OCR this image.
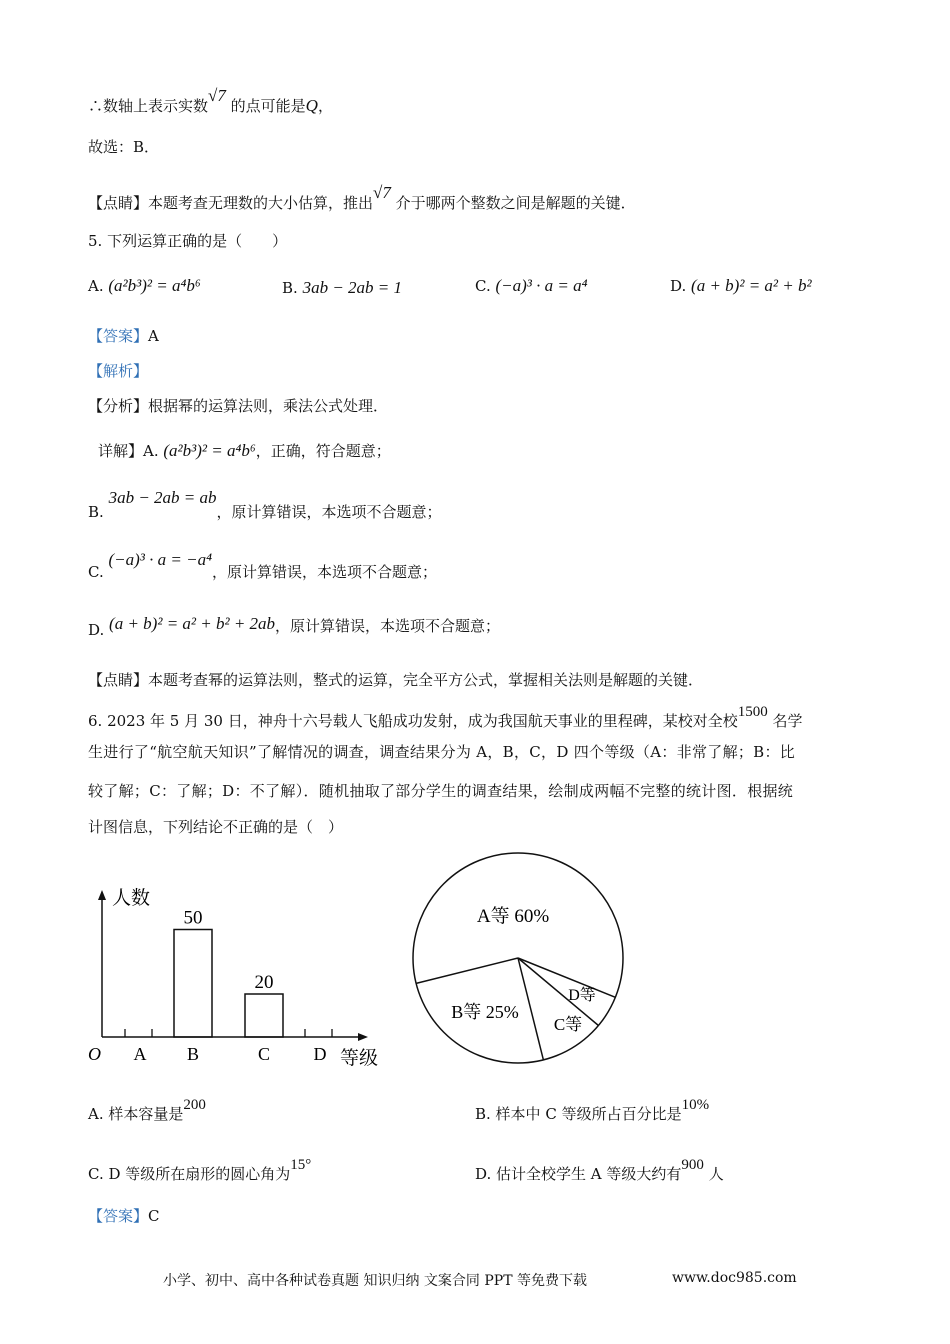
∴数轴上表示实数√7 的点可能是Q，
故选：B．
【点睛】本题考查无理数的大小估算，推出√7 介于哪两个整数之间是解题的关键．
5. 下列运算正确的是（　　）
A. (a²b³)² = a⁴b⁶	B. 3ab − 2ab = 1	C. (−a)³ · a = a⁴	D. (a + b)² = a² + b²
【答案】A
【解析】
【分析】根据幂的运算法则，乘法公式处理．
详解】A. (a²b³)² = a⁴b⁶，正确，符合题意；
B. 3ab − 2ab = ab，原计算错误，本选项不合题意；
C. (−a)³ · a = −a⁴，原计算错误，本选项不合题意；
D. (a + b)² = a² + b² + 2ab，原计算错误，本选项不合题意；
【点睛】本题考查幂的运算法则，整式的运算，完全平方公式，掌握相关法则是解题的关键．
6. 2023 年 5 月 30 日，神舟十六号载人飞船成功发射，成为我国航天事业的里程碑，某校对全校1500 名学
生进行了“航空航天知识”了解情况的调查，调查结果分为 A，B，C，D 四个等级（A：非常了解；B：比
较了解；C：了解；D：不了解）．随机抽取了部分学生的调查结果，绘制成两幅不完整的统计图．根据统
计图信息，下列结论不正确的是（　）
人数
等级
O A B
50
C
20
D
A等 60%
B等 25%
C等
D等
A. 样本容量是200	B. 样本中 C 等级所占百分比是10%
C. D 等级所在扇形的圆心角为15°	D. 估计全校学生 A 等级大约有900 人
【答案】C
小学、初中、高中各种试卷真题 知识归纳 文案合同 PPT 等免费下载	www.doc985.com
